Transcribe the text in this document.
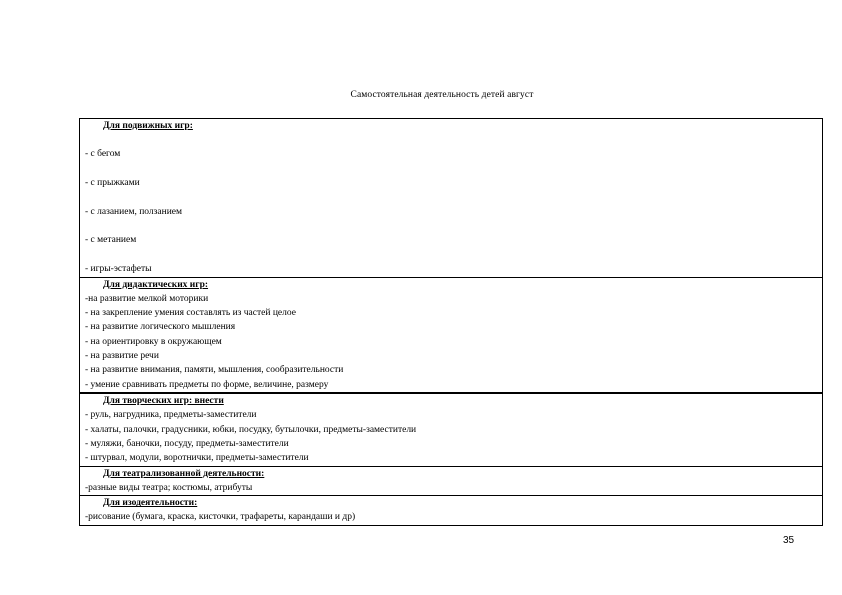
Самостоятельная деятельность детей август
Для подвижных игр:
- с бегом
- с прыжками
- с лазанием, ползанием
- с метанием
- игры-эстафеты

Для дидактических игр:
-на развитие мелкой моторики
- на закрепление умения составлять из частей целое
- на развитие логического мышления
- на ориентировку в окружающем
- на развитие речи
- на развитие внимания, памяти, мышления, сообразительности
- умение сравнивать предметы по форме, величине, размеру

Для творческих игр: внести
- руль, нагрудника, предметы-заместители
- халаты, палочки, градусники, юбки, посудку, бутылочки, предметы-заместители
- муляжи, баночки, посуду, предметы-заместители
- штурвал, модули, воротнички, предметы-заместители

Для театрализованной деятельности:
-разные виды театра; костюмы, атрибуты

Для изодеятельности:
-рисование (бумага, краска, кисточки, трафареты, карандаши и др)
35
